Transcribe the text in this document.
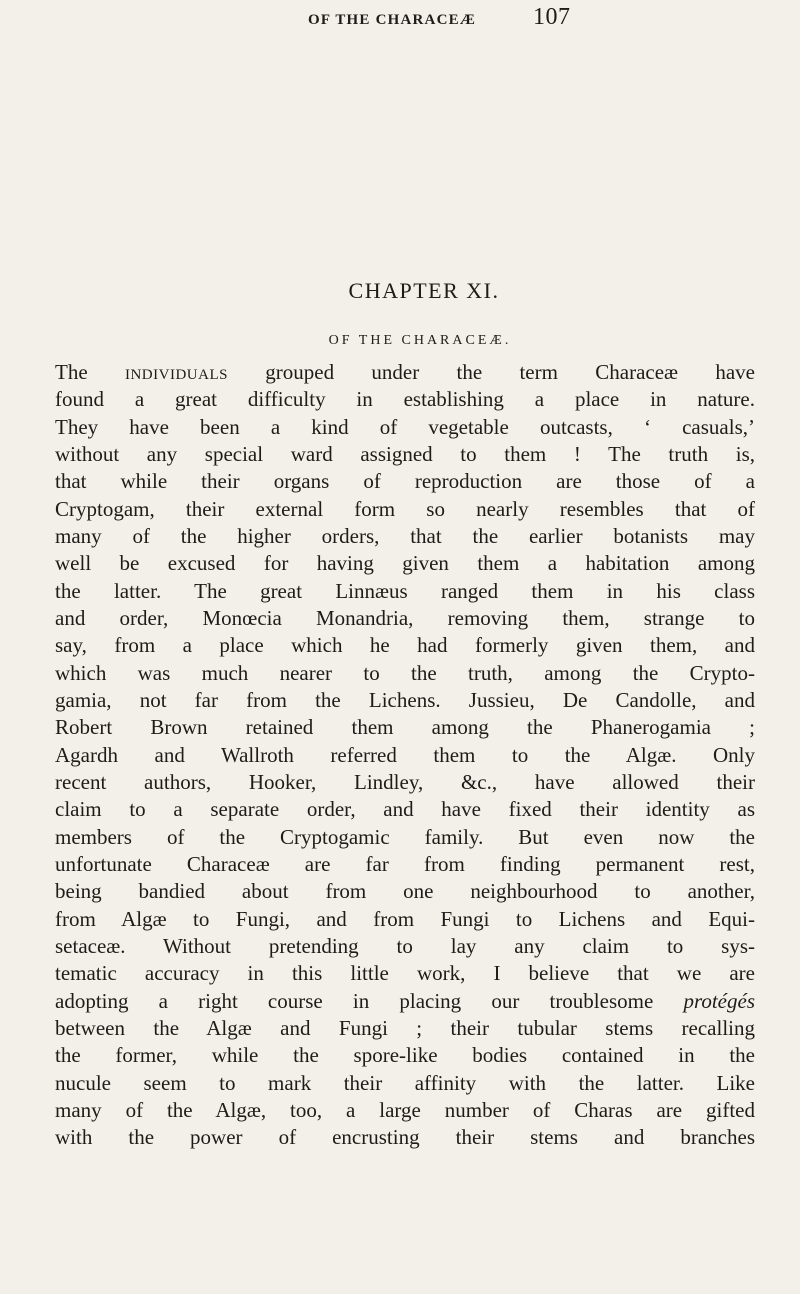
OF THE CHARACEÆ 107
CHAPTER XI.
OF THE CHARACEÆ.
The individuals grouped under the term Characeæ have
found a great difficulty in establishing a place in nature.
They have been a kind of vegetable outcasts, ‘ casuals,’
without any special ward assigned to them ! The truth is,
that while their organs of reproduction are those of a
Cryptogam, their external form so nearly resembles that of
many of the higher orders, that the earlier botanists may
well be excused for having given them a habitation among
the latter. The great Linnæus ranged them in his class
and order, Monœcia Monandria, removing them, strange to
say, from a place which he had formerly given them, and
which was much nearer to the truth, among the Crypto-
gamia, not far from the Lichens. Jussieu, De Candolle, and
Robert Brown retained them among the Phanerogamia ;
Agardh and Wallroth referred them to the Algæ. Only
recent authors, Hooker, Lindley, &c., have allowed their
claim to a separate order, and have fixed their identity as
members of the Cryptogamic family. But even now the
unfortunate Characeæ are far from finding permanent rest,
being bandied about from one neighbourhood to another,
from Algæ to Fungi, and from Fungi to Lichens and Equi-
setaceæ. Without pretending to lay any claim to sys-
tematic accuracy in this little work, I believe that we are
adopting a right course in placing our troublesome protégés
between the Algæ and Fungi ; their tubular stems recalling
the former, while the spore-like bodies contained in the
nucule seem to mark their affinity with the latter. Like
many of the Algæ, too, a large number of Charas are gifted
with the power of encrusting their stems and branches
